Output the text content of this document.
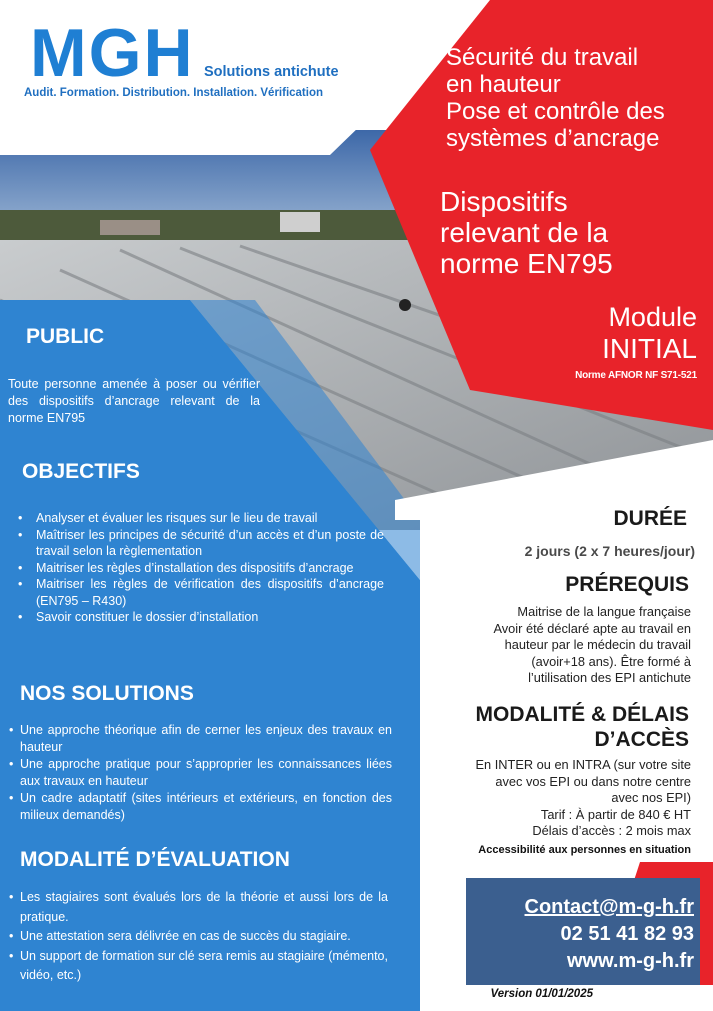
MGH Solutions antichute
Audit. Formation. Distribution. Installation. Vérification
Sécurité du travail
en hauteur
Pose et contrôle des
systèmes d’ancrage
Dispositifs
relevant de la
norme EN795
Module
INITIAL
Norme AFNOR NF S71-521
PUBLIC
Toute personne amenée à poser ou vérifier des dispositifs d’ancrage relevant de la norme EN795
OBJECTIFS
• Analyser et évaluer les risques sur le lieu de travail
• Maîtriser les principes de sécurité d’un accès et d’un poste de travail selon la règlementation
• Maitriser les règles d’installation des dispositifs d’ancrage
• Maitriser les règles de vérification des dispositifs d’ancrage (EN795 – R430)
• Savoir constituer le dossier d’installation
NOS SOLUTIONS
• Une approche théorique afin de cerner les enjeux des travaux en hauteur
• Une approche pratique pour s’approprier les connaissances liées aux travaux en hauteur
• Un cadre adaptatif (sites intérieurs et extérieurs, en fonction des milieux demandés)
MODALITÉ D’ÉVALUATION
• Les stagiaires sont évalués lors de la théorie et aussi lors de la pratique.
• Une attestation sera délivrée en cas de succès du stagiaire.
• Un support de formation sur clé sera remis au stagiaire (mémento, vidéo, etc.)
DURÉE
2 jours (2 x 7 heures/jour)
PRÉREQUIS
Maitrise de la langue française
Avoir été déclaré apte au travail en
hauteur par le médecin du travail
(avoir+18 ans). Être formé à
l’utilisation des EPI antichute
MODALITÉ & DÉLAIS
D’ACCÈS
En INTER ou en INTRA (sur votre site
avec vos EPI ou dans notre centre
avec nos EPI)
Tarif : À partir de 840 € HT
Délais d’accès : 2 mois max
Accessibilité aux personnes en situation
Contact@m-g-h.fr
02 51 41 82 93
www.m-g-h.fr
Version 01/01/2025
